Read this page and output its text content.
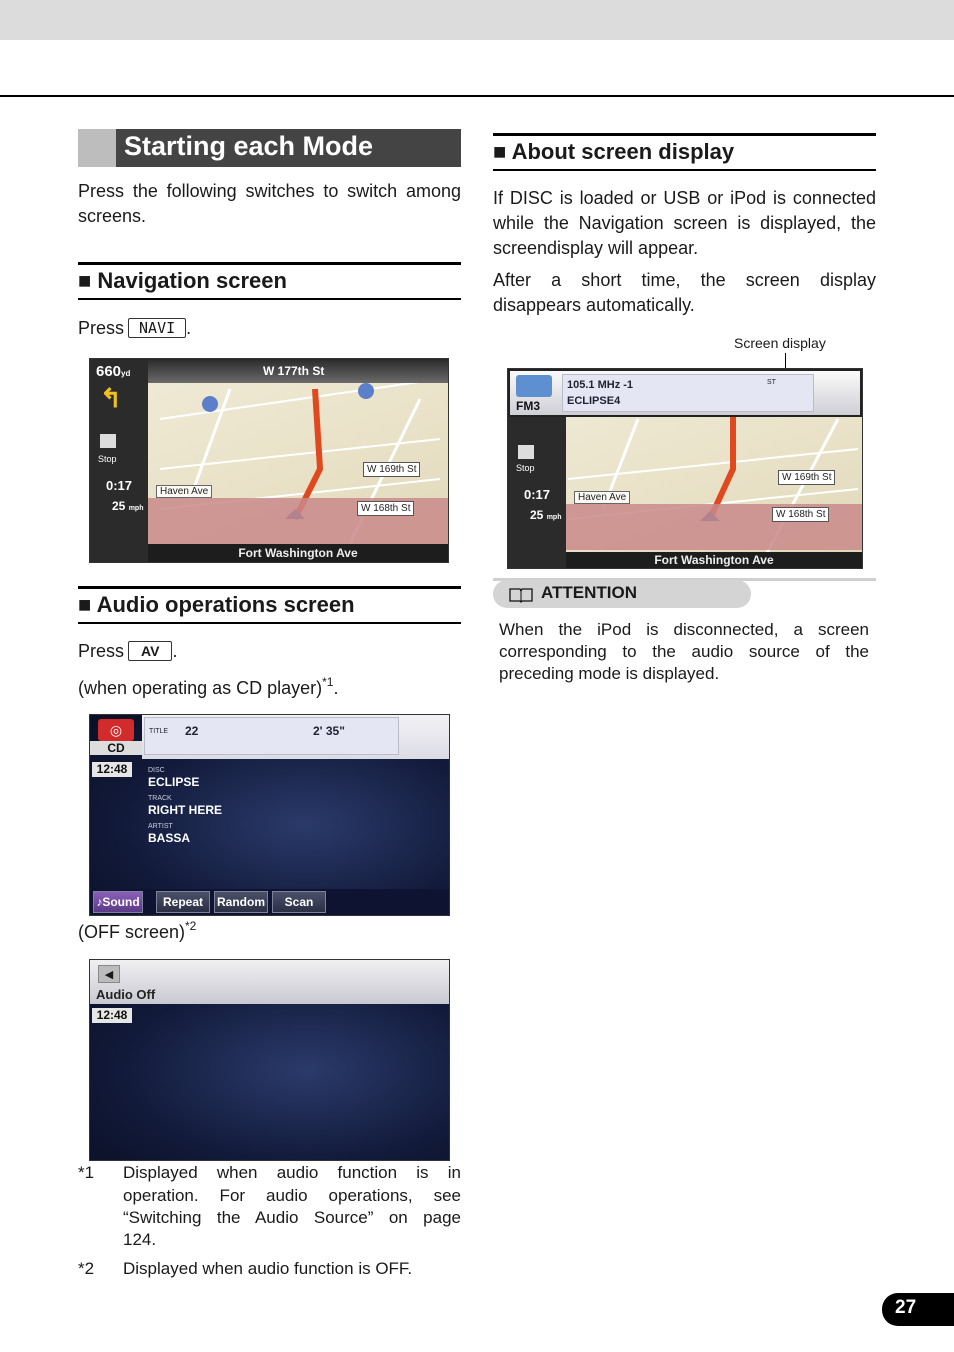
Starting each Mode
Press the following switches to switch among
screens.
■ Navigation screen
Press NAVI .
W 177th St
660yd
↰
Stop
0:17
25 mph
Haven Ave
W 169th St
W 168th St
Fort Washington Ave
■ Audio operations screen
Press AV .
(when operating as CD player)$^{*1}$.
TITLE 22	2' 35"
◎
CD
12:48	DISC
ECLIPSE
TRACK
RIGHT HERE
ARTIST
BASSA
♪Sound	Repeat	Random	Scan
(OFF screen)$^{*2}$
◀
Audio Off
12:48
*1 Displayed when audio function is in
operation. For audio operations, see
“Switching the Audio Source” on page
124.
*2 Displayed when audio function is OFF.
■ About screen display
If DISC is loaded or USB or iPod is connected
while the Navigation screen is displayed, the
screendisplay will appear.
After a short time, the screen display
disappears automatically.
Screen display
Stop
0:17
25 mph
FM3
105.1 MHz -1
ECLIPSE4
ST
Haven Ave
W 169th St
W 168th St
Fort Washington Ave
ATTENTION
When the iPod is disconnected, a screen
corresponding to the audio source of the
preceding mode is displayed.
27
